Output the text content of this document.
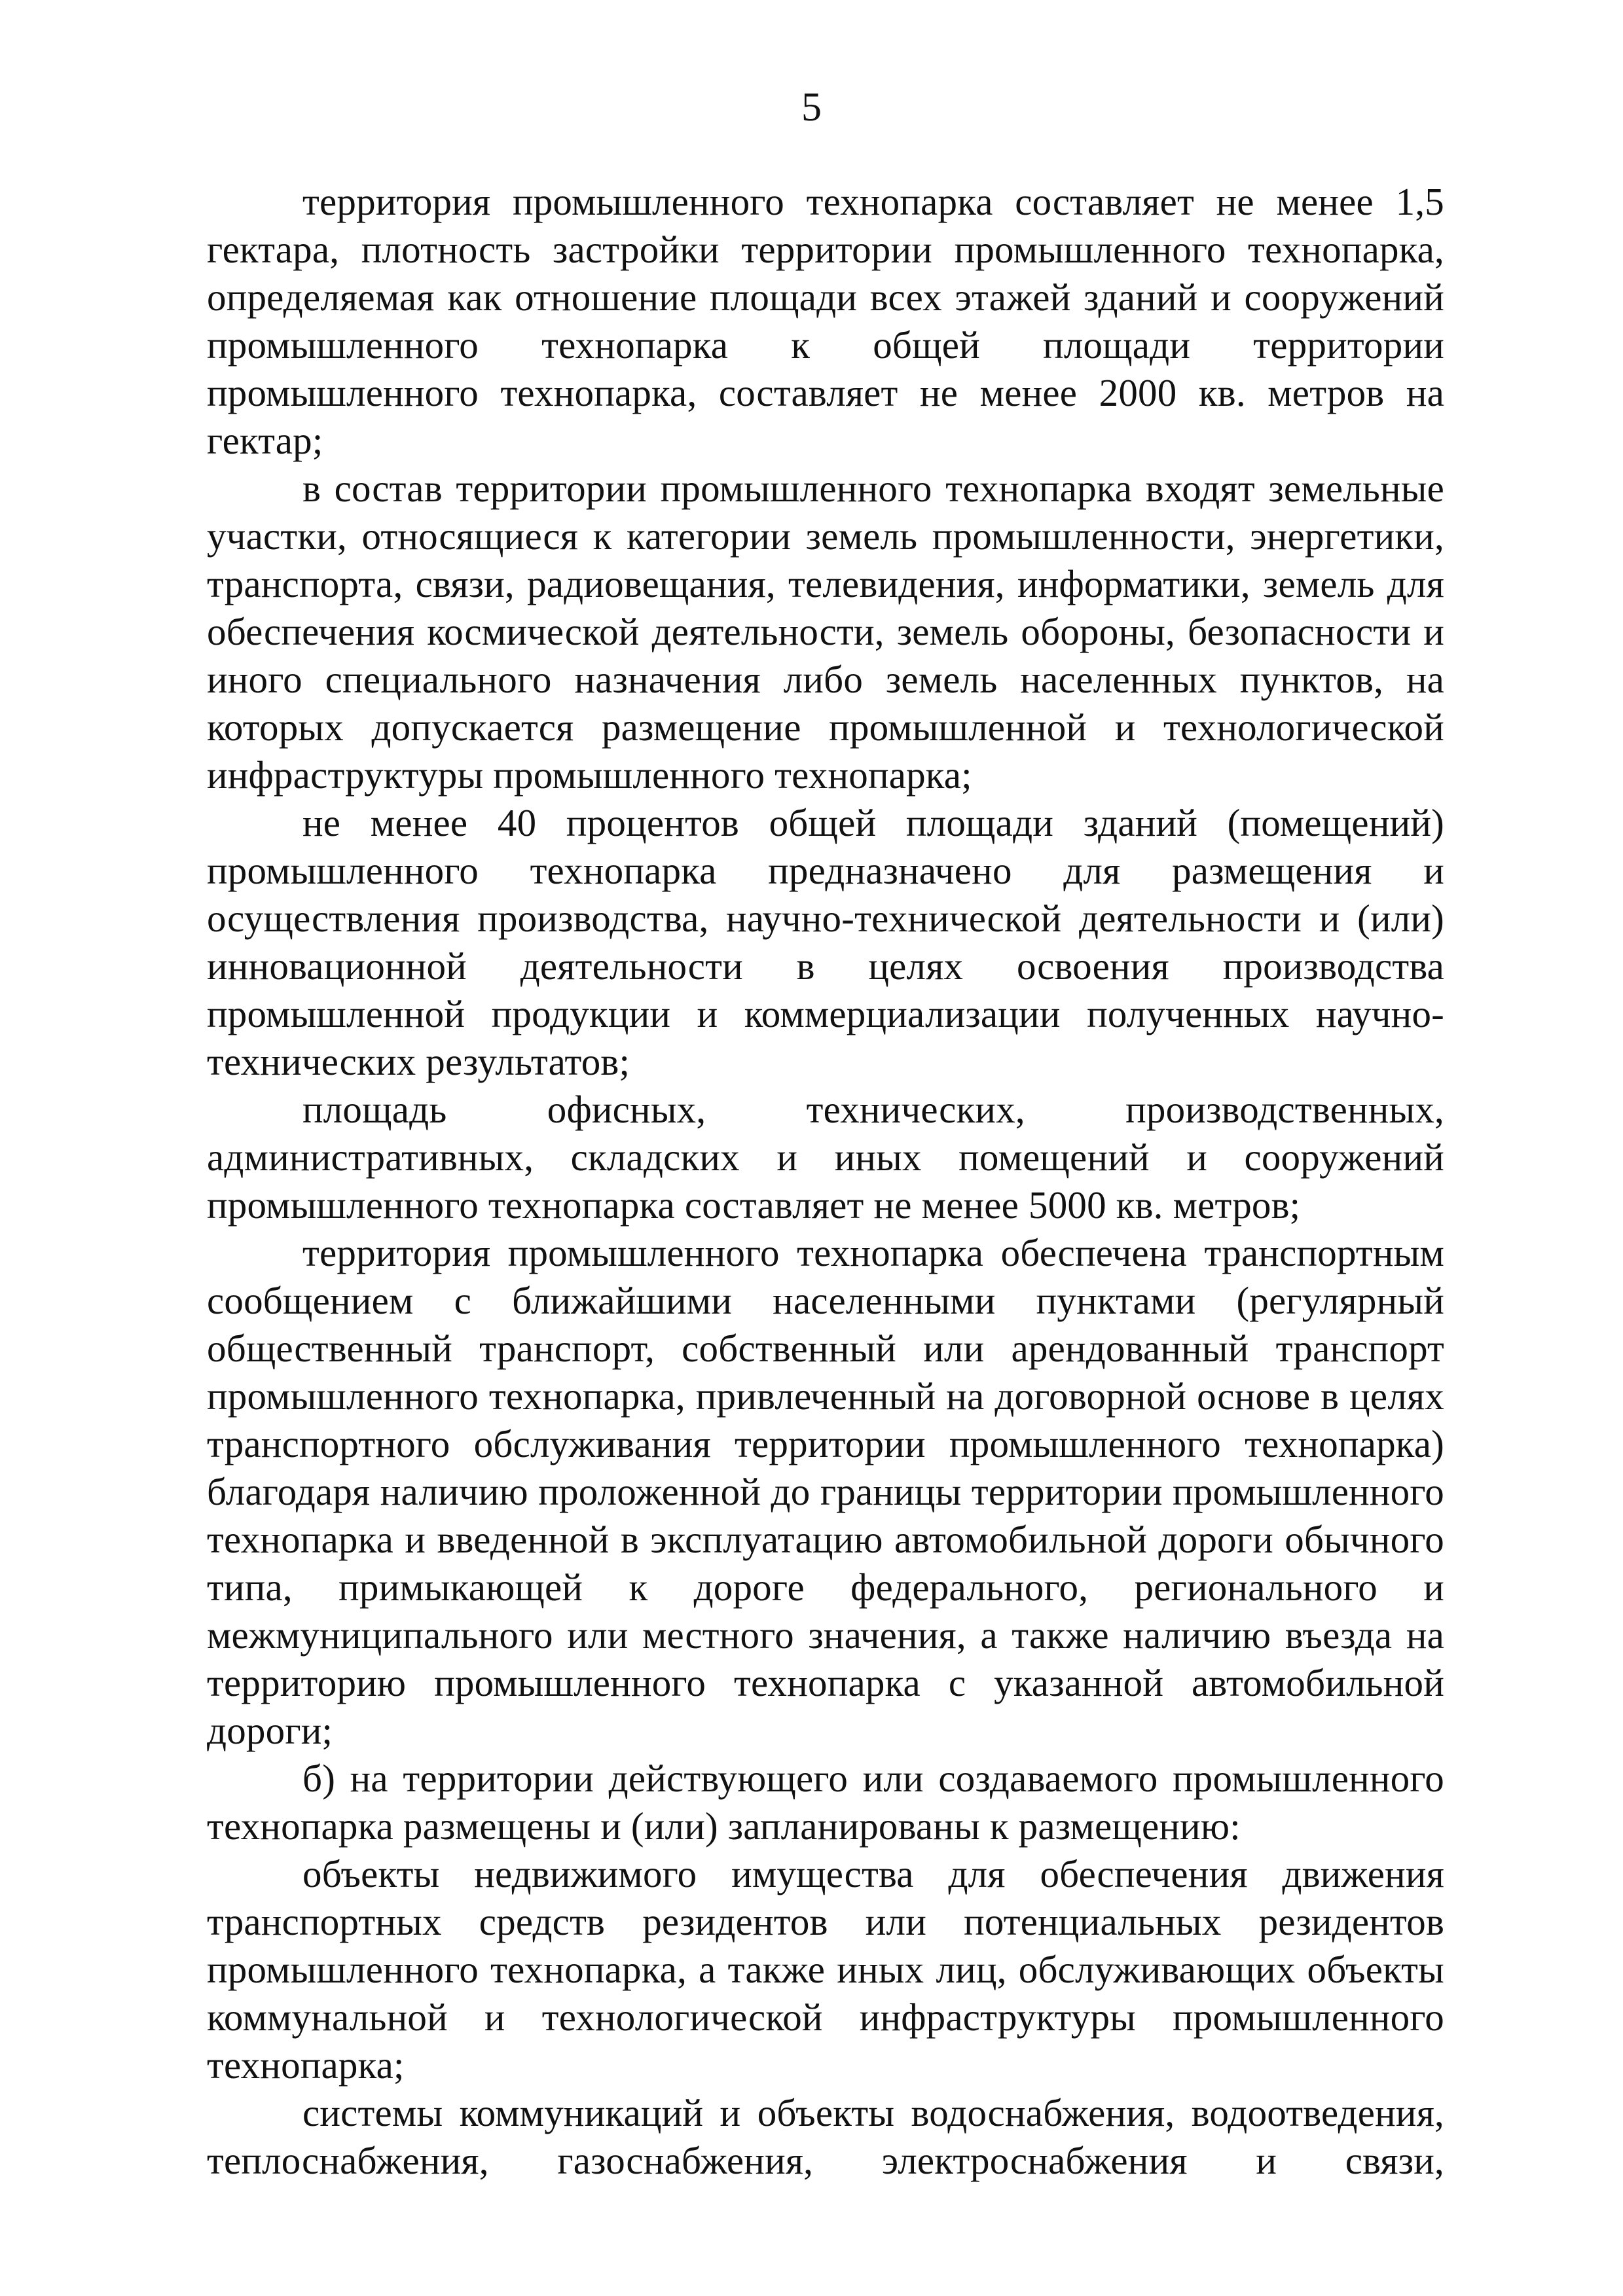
5

территория промышленного технопарка составляет не менее 1,5 гектара, плотность застройки территории промышленного технопарка, определяемая как отношение площади всех этажей зданий и сооружений промышленного технопарка к общей площади территории промышленного технопарка, составляет не менее 2000 кв. метров на гектар;

в состав территории промышленного технопарка входят земельные участки, относящиеся к категории земель промышленности, энергетики, транспорта, связи, радиовещания, телевидения, информатики, земель для обеспечения космической деятельности, земель обороны, безопасности и иного специального назначения либо земель населенных пунктов, на которых допускается размещение промышленной и технологической инфраструктуры промышленного технопарка;

не менее 40 процентов общей площади зданий (помещений) промышленного технопарка предназначено для размещения и осуществления производства, научно-технической деятельности и (или) инновационной деятельности в целях освоения производства промышленной продукции и коммерциализации полученных научно-технических результатов;

площадь офисных, технических, производственных, административных, складских и иных помещений и сооружений промышленного технопарка составляет не менее 5000 кв. метров;

территория промышленного технопарка обеспечена транспортным сообщением с ближайшими населенными пунктами (регулярный общественный транспорт, собственный или арендованный транспорт промышленного технопарка, привлеченный на договорной основе в целях транспортного обслуживания территории промышленного технопарка) благодаря наличию проложенной до границы территории промышленного технопарка и введенной в эксплуатацию автомобильной дороги обычного типа, примыкающей к дороге федерального, регионального и межмуниципального или местного значения, а также наличию въезда на территорию промышленного технопарка с указанной автомобильной дороги;

б) на территории действующего или создаваемого промышленного технопарка размещены и (или) запланированы к размещению:

объекты недвижимого имущества для обеспечения движения транспортных средств резидентов или потенциальных резидентов промышленного технопарка, а также иных лиц, обслуживающих объекты коммунальной и технологической инфраструктуры промышленного технопарка;

системы коммуникаций и объекты водоснабжения, водоотведения, теплоснабжения, газоснабжения, электроснабжения и связи,
